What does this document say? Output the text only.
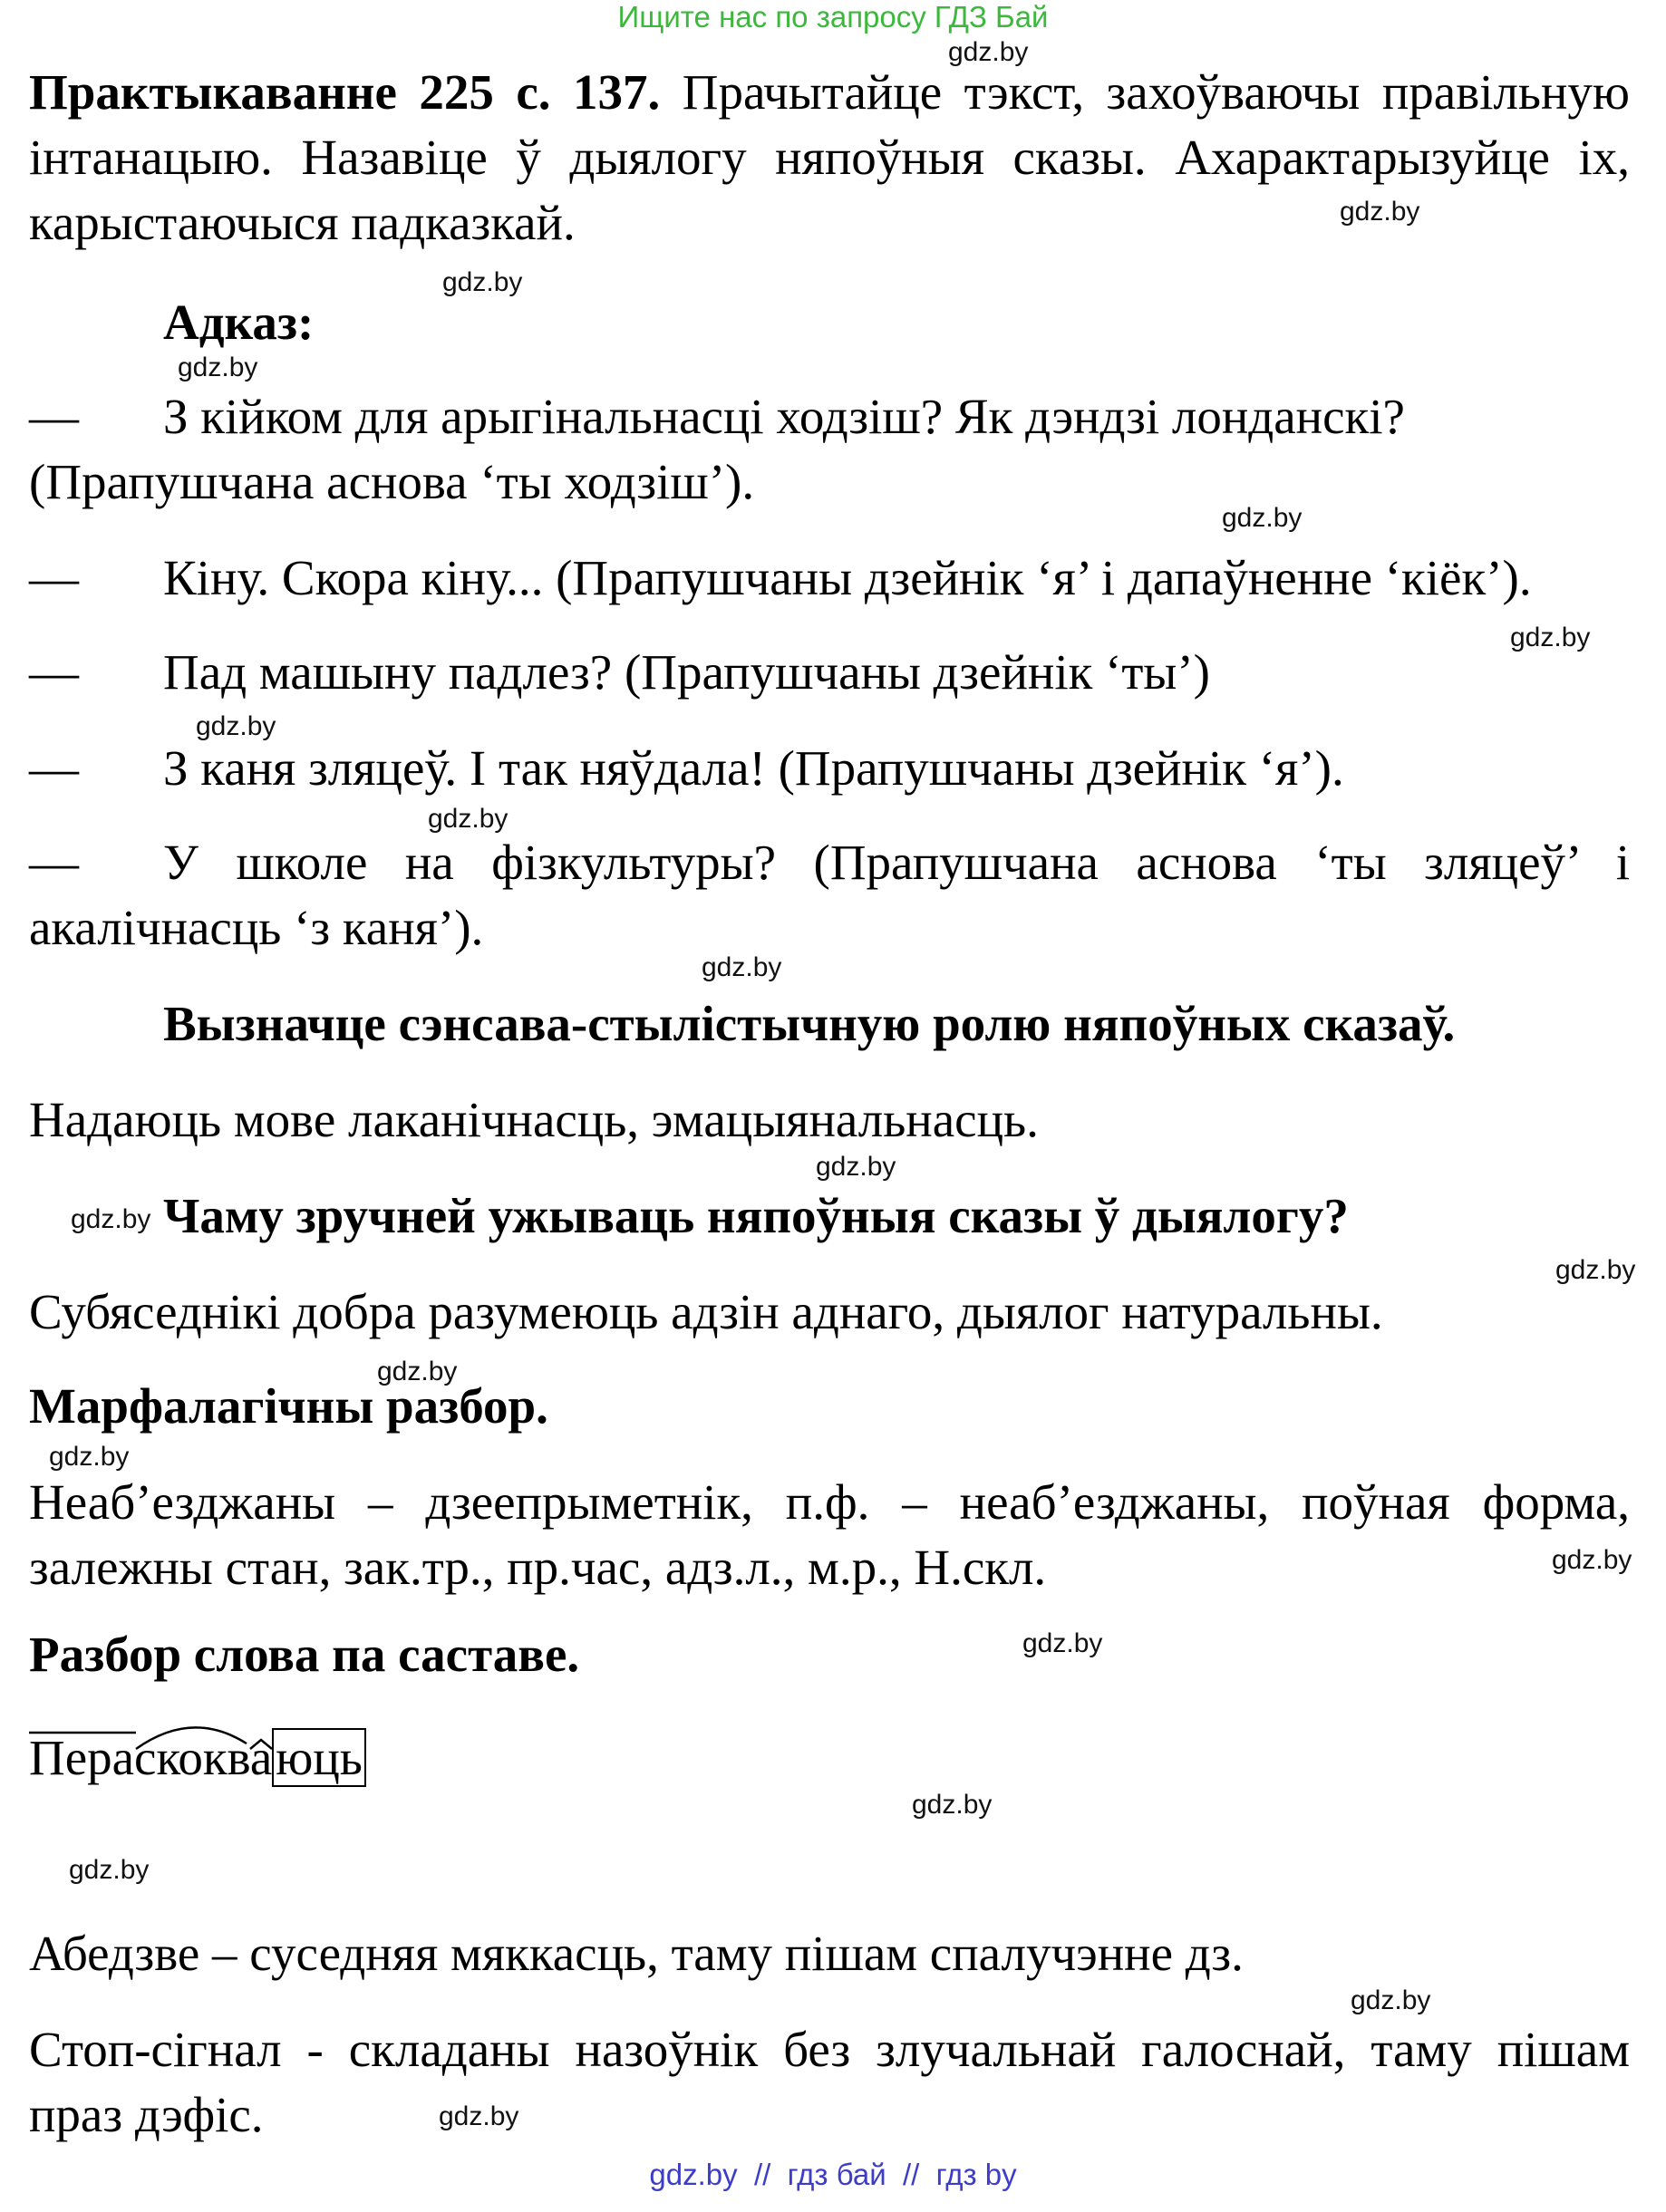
Ищите нас по запросу ГДЗ Бай
gdz.by
gdz.by
gdz.by
gdz.by
gdz.by
gdz.by
gdz.by
gdz.by
gdz.by
gdz.by
gdz.by
gdz.by
gdz.by
gdz.by
gdz.by
gdz.by
gdz.by
gdz.by
gdz.by
gdz.by
Практыкаванне 225 с. 137. Прачытайце тэкст, захоўваючы правільную інтанацыю. Назавіце ў дыялогу няпоўныя сказы. Ахарактарызуйце іх, карыстаючыся падказкай.
Адказ:
— З кійком для арыгінальнасці ходзіш? Як дэндзі лонданскі?
(Прапушчана аснова ‘ты ходзіш’).
— Кіну. Скора кіну... (Прапушчаны дзейнік ‘я’ і дапаўненне ‘кіёк’).
— Пад машыну падлез? (Прапушчаны дзейнік ‘ты’)
— З каня зляцеў. І так няўдала! (Прапушчаны дзейнік ‘я’).
— У школе на фізкультуры? (Прапушчана аснова ‘ты зляцеў’ і
акалічнасць ‘з каня’).
Вызначце сэнсава-стылістычную ролю няпоўных сказаў.
Надаюць мове лаканічнасць, эмацыянальнасць.
Чаму зручней ужываць няпоўныя сказы ў дыялогу?
Субяседнікі добра разумеюць адзін аднаго, дыялог натуральны.
Марфалагічны разбор.
Неаб’езджаны – дзеепрыметнік, п.ф. – неаб’езджаны, поўная форма, залежны стан, зак.тр., пр.час, адз.л., м.р., Н.скл.
Разбор слова па саставе.
Пераскокваюць
Абедзве – суседняя мяккасць, таму пішам спалучэнне дз.
Стоп-сігнал - складаны назоўнік без злучальнай галоснай, таму пішам праз дэфіс.
gdz.by  //  гдз бай  //  гдз by
